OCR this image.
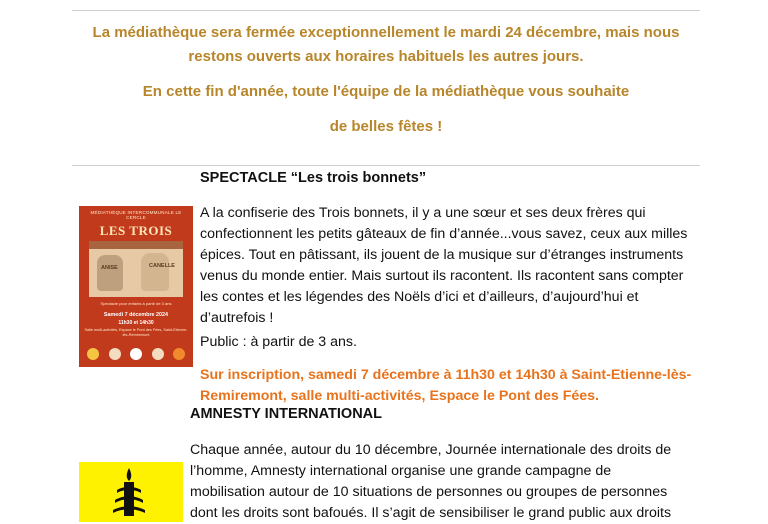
La médiathèque sera fermée exceptionnellement le mardi 24 décembre, mais nous
restons ouverts aux horaires habituels les autres jours.
En cette fin d'année, toute l'équipe de la médiathèque vous souhaite
de belles fêtes !
SPECTACLE “Les trois bonnets”
MÉDIATHÈQUE INTERCOMMUNALE LE CERCLE
LES TROIS
ANISE	CANELLE
Spectacle pour enfants à partir de 3 ans
Samedi 7 décembre 2024
11h30 et 14h30
Salle multi-activités, Espace le Pont des Fées, Saint-Etienne-lès-Remiremont
A la confiserie des Trois bonnets, il y a une sœur et ses deux frères qui
confectionnent les petits gâteaux de fin d’année...vous savez, ceux aux milles
épices. Tout en pâtissant, ils jouent de la musique sur d’étranges instruments
venus du monde entier. Mais surtout ils racontent. Ils racontent sans compter
les contes et les légendes des Noëls d’ici et d’ailleurs, d’aujourd’hui et
d’autrefois !
Public : à partir de 3 ans.
Sur inscription, samedi 7 décembre à 11h30 et 14h30 à Saint-Etienne-lès-
Remiremont, salle multi-activités, Espace le Pont des Fées.
AMNESTY INTERNATIONAL
Chaque année, autour du 10 décembre, Journée internationale des droits de
l’homme, Amnesty international organise une grande campagne de
mobilisation autour de 10 situations de personnes ou groupes de personnes
dont les droits sont bafoués. Il s’agit de sensibiliser le grand public aux droits
